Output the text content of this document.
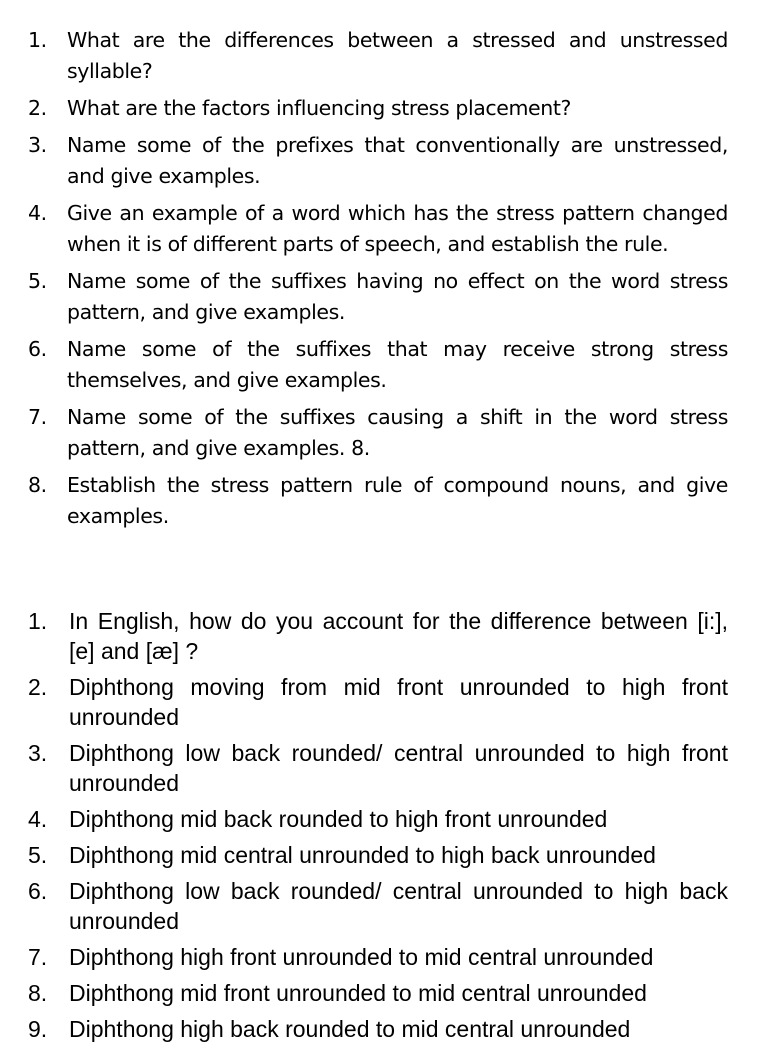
1. What are the differences between a stressed and unstressed syllable?
2. What are the factors influencing stress placement?
3. Name some of the prefixes that conventionally are unstressed, and give examples.
4. Give an example of a word which has the stress pattern changed when it is of different parts of speech, and establish the rule.
5. Name some of the suffixes having no effect on the word stress pattern, and give examples.
6. Name some of the suffixes that may receive strong stress themselves, and give examples.
7. Name some of the suffixes causing a shift in the word stress pattern, and give examples. 8.
8. Establish the stress pattern rule of compound nouns, and give examples.
1. In English, how do you account for the difference between [i:], [e] and [æ] ?
2. Diphthong moving from mid front unrounded to high front unrounded
3. Diphthong low back rounded/ central unrounded to high front unrounded
4. Diphthong mid back rounded to high front unrounded
5. Diphthong mid central unrounded to high back unrounded
6. Diphthong low back rounded/ central unrounded to high back unrounded
7. Diphthong high front unrounded to mid central unrounded
8. Diphthong mid front unrounded to mid central unrounded
9. Diphthong high back rounded to mid central unrounded
